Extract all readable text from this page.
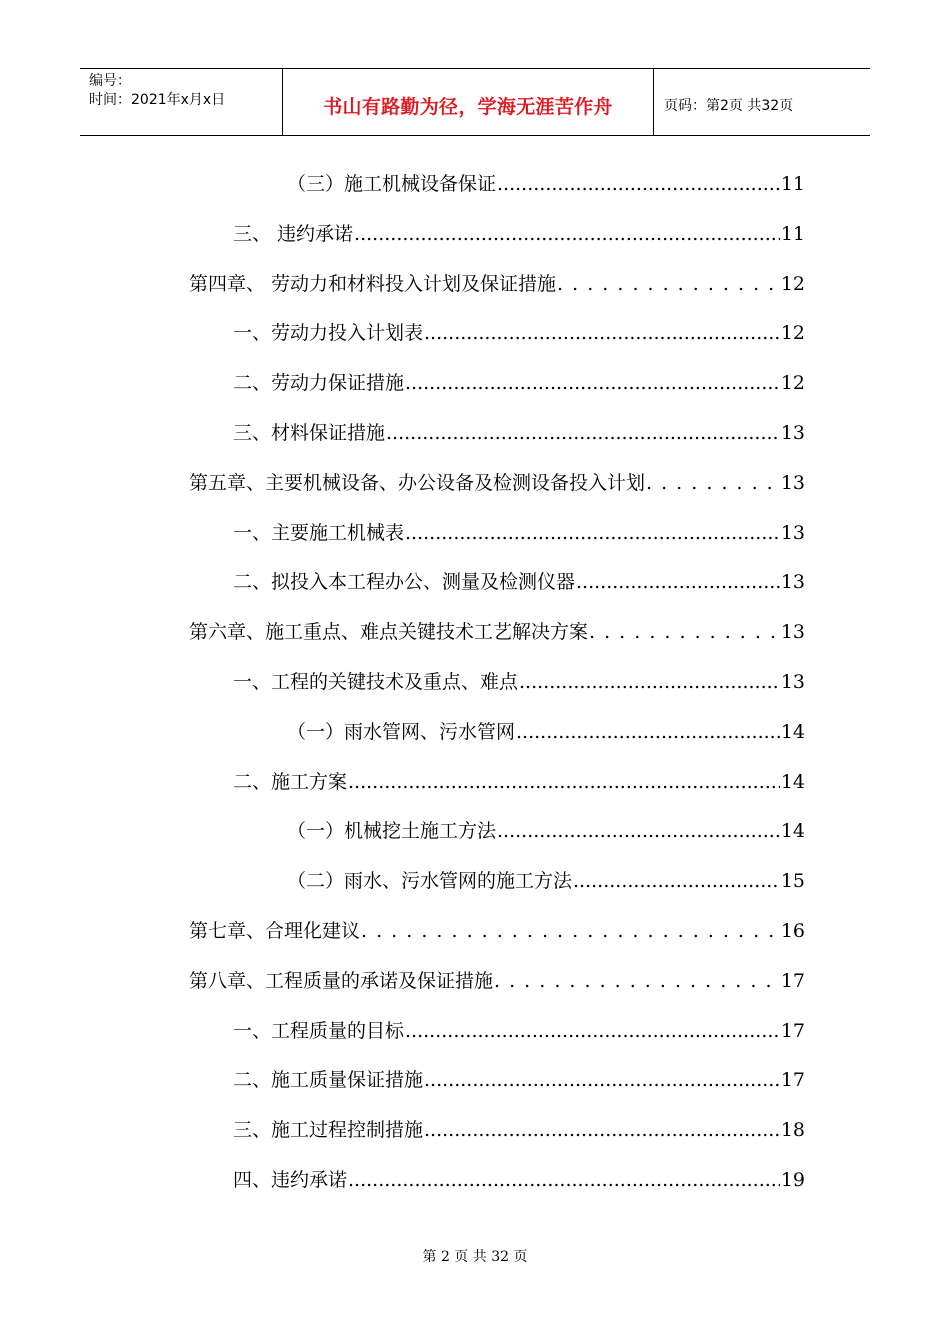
编号：
时间：2021年x月x日	书山有路勤为径，学海无涯苦作舟	页码：第2页 共32页
（三）施工机械设备保证 .....	11
三、 违约承诺 .....	11
第四章、 劳动力和材料投入计划及保证措施 . . .	12
一、劳动力投入计划表 .....	12
二、劳动力保证措施 .....	12
三、材料保证措施 .....	13
第五章、主要机械设备、办公设备及检测设备投入计划 . . .	13
一、主要施工机械表 .....	13
二、拟投入本工程办公、测量及检测仪器 .....	13
第六章、施工重点、难点关键技术工艺解决方案 . . .	13
一、工程的关键技术及重点、难点 .....	13
（一）雨水管网、污水管网 .....	14
二、施工方案 .....	14
（一）机械挖土施工方法 .....	14
（二）雨水、污水管网的施工方法 .....	15
第七章、合理化建议 . . .	16
第八章、工程质量的承诺及保证措施 . . .	17
一、工程质量的目标 .....	17
二、施工质量保证措施 .....	17
三、施工过程控制措施 .....	18
四、违约承诺 .....	19
第 2 页 共 32 页
